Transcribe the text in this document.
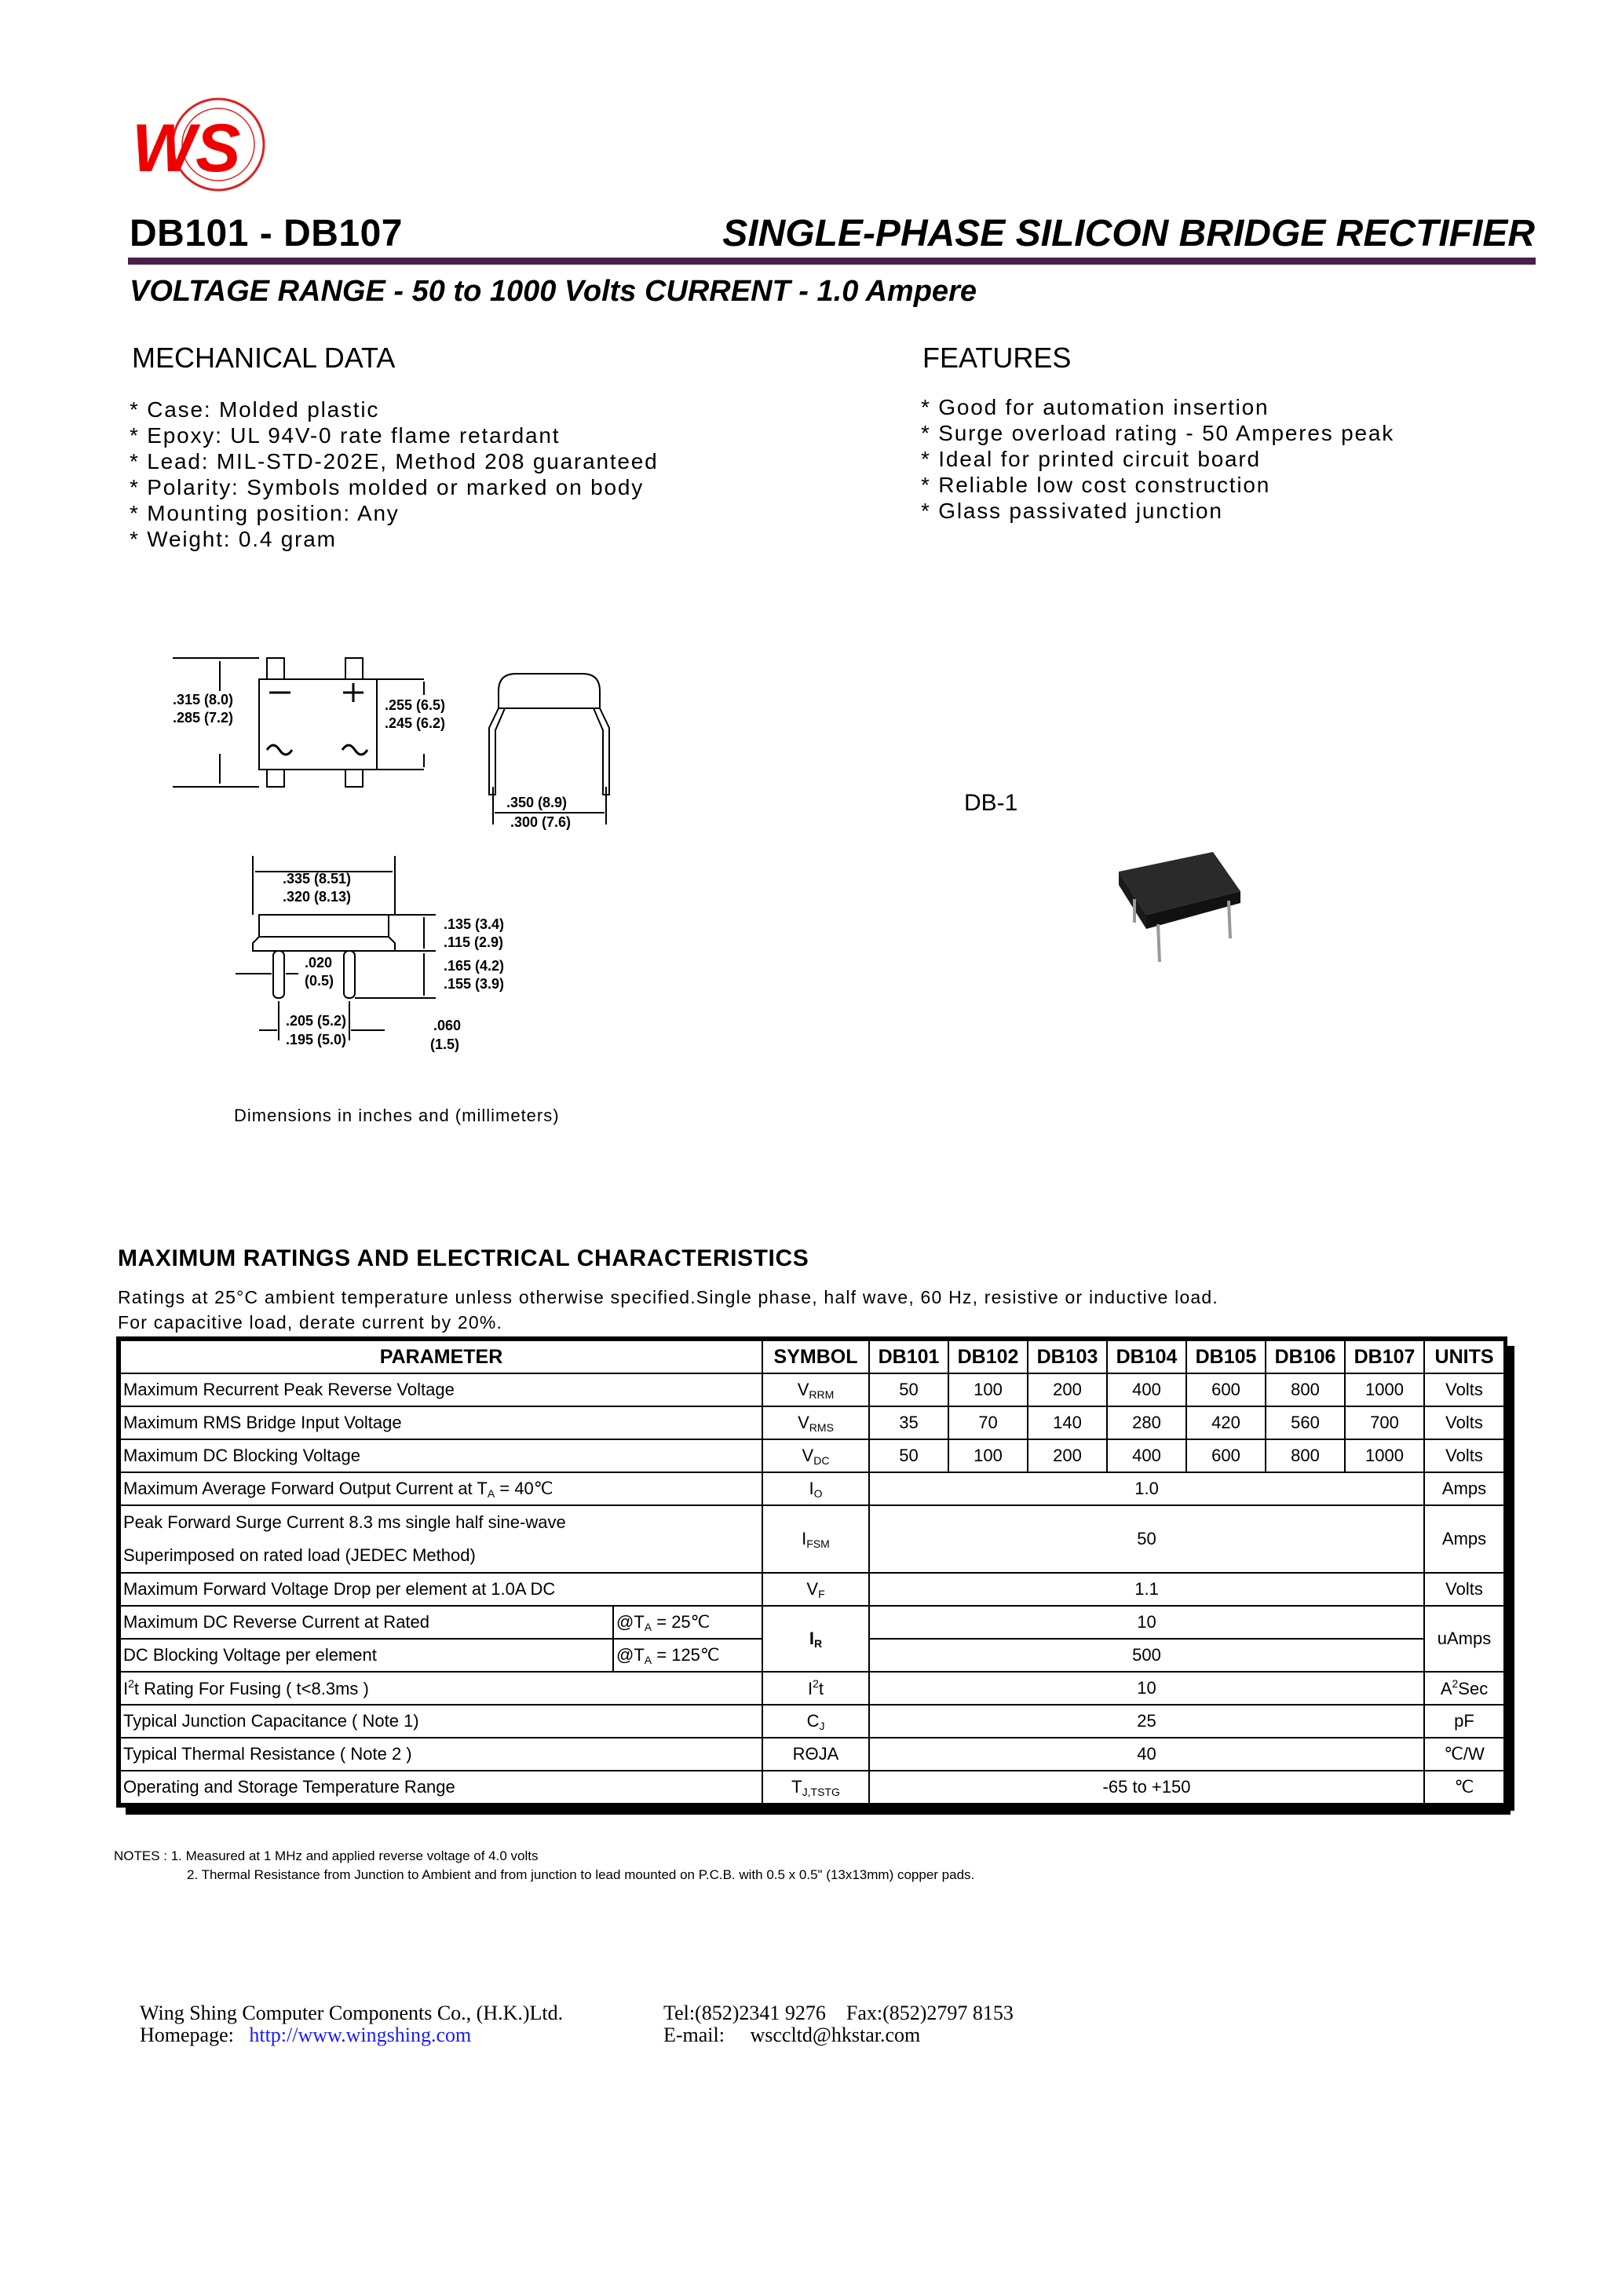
WS
DB101 - DB107	SINGLE-PHASE SILICON BRIDGE RECTIFIER
VOLTAGE RANGE - 50 to 1000 Volts CURRENT - 1.0 Ampere
MECHANICAL DATA
* Case: Molded plastic
* Epoxy: UL 94V-0 rate flame retardant
* Lead: MIL-STD-202E, Method 208 guaranteed
* Polarity: Symbols molded or marked on body
* Mounting position: Any
* Weight: 0.4 gram
FEATURES
* Good for automation insertion
* Surge overload rating - 50 Amperes peak
* Ideal for printed circuit board
* Reliable low cost construction
* Glass passivated junction
.315 (8.0)
.285 (7.2)
.255 (6.5)
.245 (6.2)
.350 (8.9)
.300 (7.6)
.335 (8.51)
.320 (8.13)
.135 (3.4)
.115 (2.9)
.165 (4.2)
.155 (3.9)
.020
(0.5)
.205 (5.2)
.195 (5.0)
.060
(1.5)
Dimensions in inches and (millimeters)
DB-1
MAXIMUM RATINGS AND ELECTRICAL CHARACTERISTICS
Ratings at 25°C ambient temperature unless otherwise specified.Single phase, half wave, 60 Hz, resistive or inductive load.
For capacitive load, derate current by 20%.
PARAMETER		SYMBOL	DB101	DB102	DB103	DB104	DB105	DB106	DB107	UNITS
Maximum Recurrent Peak Reverse Voltage		$V_{RRM}$	50	100	200	400	600	800	1000	Volts
Maximum RMS Bridge Input Voltage		$V_{RMS}$	35	70	140	280	420	560	700	Volts
Maximum DC Blocking Voltage		$V_{DC}$	50	100	200	400	600	800	1000	Volts
Maximum Average Forward Output Current at $T_A$ = 40℃		$I_O$	1.0							Amps

Peak Forward Surge Current 8.3 ms single half sine-wave
Superimposed on rated load (JEDEC Method)		$I_{FSM}$	50							Amps
Maximum Forward Voltage Drop per element at 1.0A DC		$V_F$	1.1							Volts
Maximum DC Reverse Current at Rated	$@T_A$ = 25℃	$I_R$	10							uAmps
DC Blocking Voltage per element	$@T_A$ = 125℃		500							
$I^2t$ Rating For Fusing ( t<8.3ms )		$I^2t$	10							$A^2Sec$
Typical Junction Capacitance ( Note 1)		$C_J$	25							pF
Typical Thermal Resistance ( Note 2 )		RΘJA	40							℃/W
Operating and Storage Temperature Range		$T_{J,TSTG}$	-65 to +150							℃
NOTES : 1. Measured at 1 MHz and applied reverse voltage of 4.0 volts
2. Thermal Resistance from Junction to Ambient and from junction to lead mounted on P.C.B. with 0.5 x 0.5" (13x13mm) copper pads.
Wing Shing Computer Components Co., (H.K.)Ltd.
Homepage: http://www.wingshing.com
Tel:(852)2341 9276 Fax:(852)2797 8153
E-mail: wsccltd@hkstar.com
